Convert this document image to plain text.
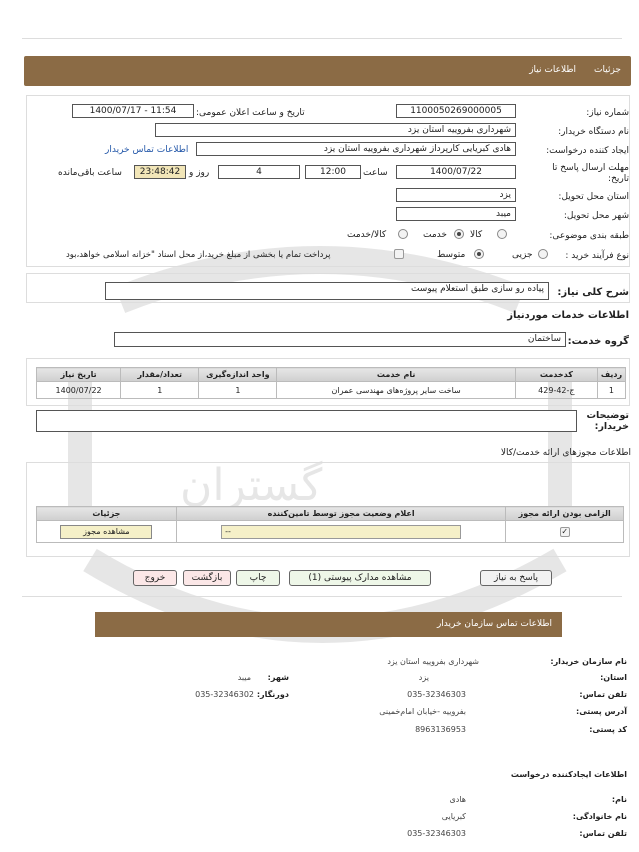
گستران
جزئیات
اطلاعات نیاز
شماره نیاز:
1100050269000005
تاریخ و ساعت اعلان عمومی:
1400/07/17 - 11:54
نام دستگاه خریدار:
شهرداری بفروییه استان یزد
ایجاد کننده درخواست:
هادی کبریایی کارپرداز شهرداری بفروییه استان یزد
اطلاعات تماس خریدار
مهلت ارسال پاسخ تا تاریخ:
1400/07/22
ساعت
12:00
4
روز و
23:48:42
ساعت باقی‌مانده
استان محل تحویل:
یزد
شهر محل تحویل:
میبد
طبقه بندی موضوعی:
کالا
خدمت
کالا/خدمت
نوع فرآیند خرید :
جزیی
متوسط
پرداخت تمام یا بخشی از مبلغ خرید،از محل اسناد "خزانه اسلامی خواهد،بود
شرح کلی نیاز:
پیاده رو سازی طبق استعلام پیوست
اطلاعات خدمات موردنیاز
گروه خدمت:
ساختمان
ردیف	کدخدمت	نام خدمت	واحد اندازه‌گیری	تعداد/مقدار	تاریخ نیاز
1	ج-42-429	ساخت سایر پروژه‌های مهندسی عمران	1	1	1400/07/22
توضیحات خریدار:
اطلاعات مجوزهای ارائه خدمت/کالا
الزامی بودن ارائه مجوز	اعلام وضعیت مجوز توسط تامین‌کننده	جزئیات
✓	--	مشاهده مجوز
پاسخ به نیاز
مشاهده مدارک پیوستی (1)
چاپ
بازگشت
خروج
اطلاعات تماس سازمان خریدار
نام سازمان خریدار:
شهرداری بفروییه استان یزد
استان:
یزد
شهر:
میبد
تلفن تماس:
035-32346303
دورنگار:
035-32346302
آدرس پستی:
بفروییه -خیابان امام‌خمینی
کد پستی:
8963136953
اطلاعات ایجادکننده درخواست
نام:
هادی
نام خانوادگی:
کبریایی
تلفن تماس:
035-32346303
